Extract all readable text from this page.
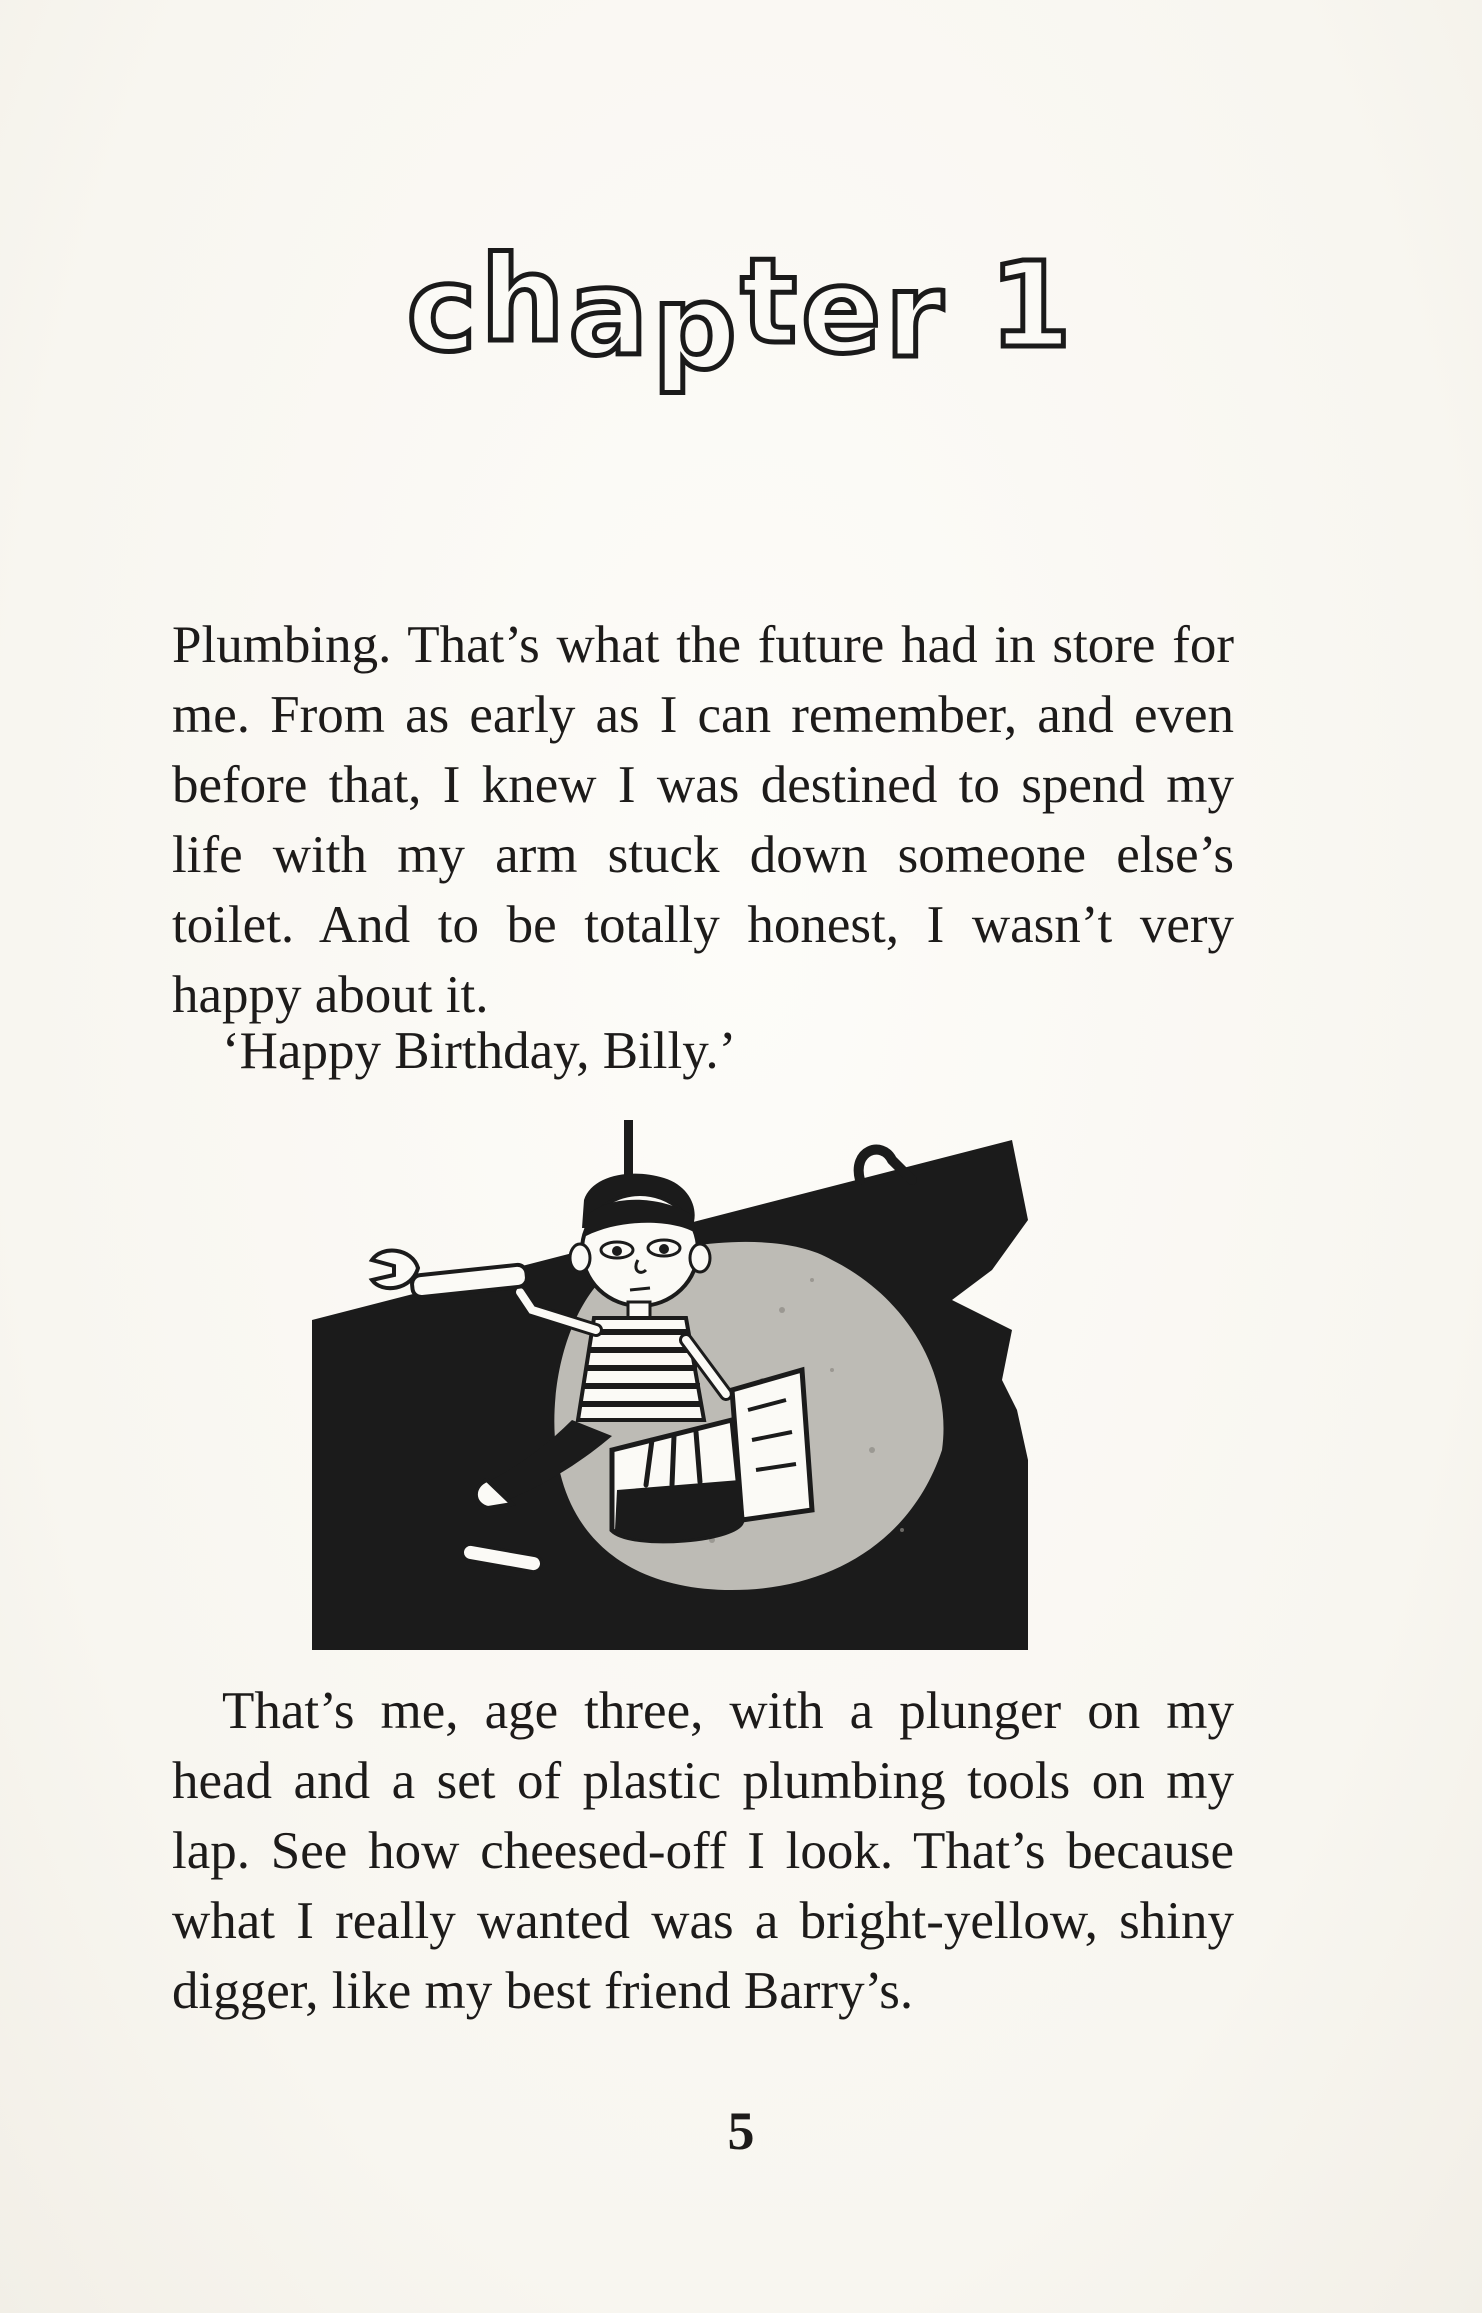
chapter 1

Plumbing. That’s what the future had in store for me. From as early as I can remember, and even before that, I knew I was destined to spend my life with my arm stuck down someone else’s toilet. And to be totally honest, I wasn’t very happy about it.

‘Happy Birthday, Billy.’

That’s me, age three, with a plunger on my head and a set of plastic plumbing tools on my lap. See how cheesed-off I look. That’s because what I really wanted was a bright-yellow, shiny digger, like my best friend Barry’s.

5
